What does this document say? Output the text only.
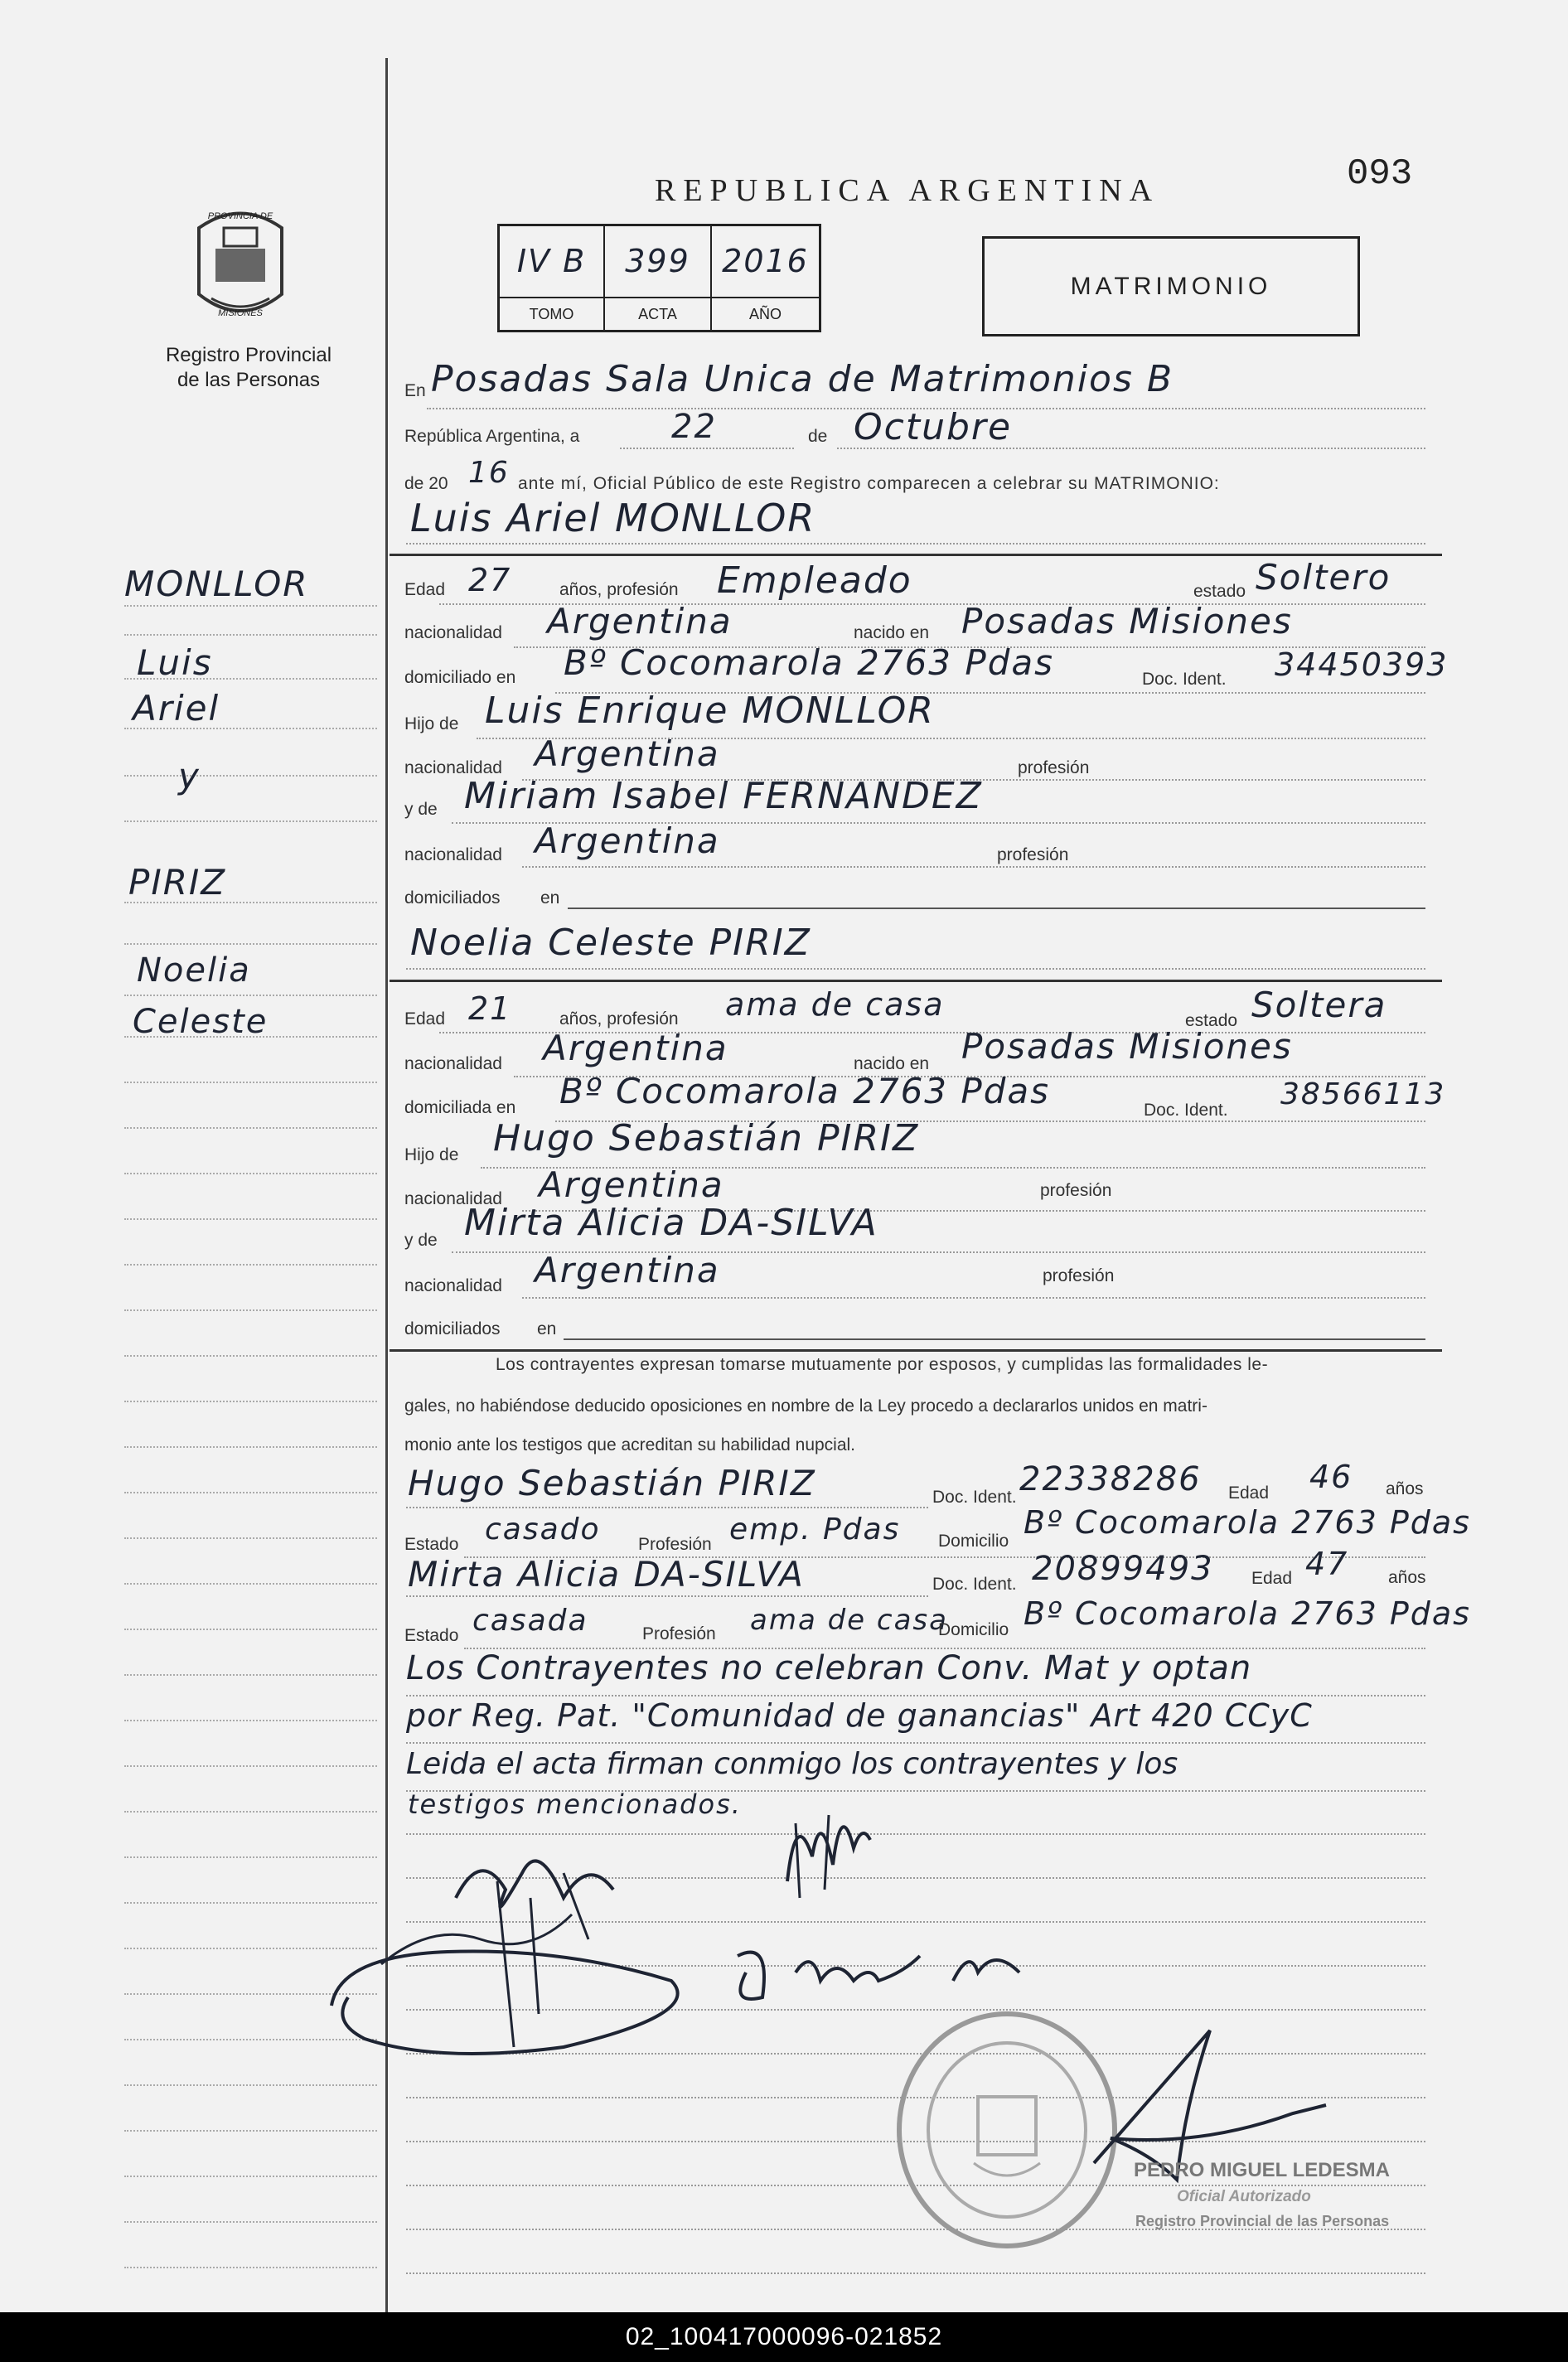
PROVINCIA DE
MISIONES
Registro Provincial
de las Personas
REPUBLICA ARGENTINA	093
IV B	399	2016
TOMO	ACTA	AÑO
MATRIMONIO
En Posadas Sala Unica de Matrimonios B
República Argentina, a	22	de Octubre
de 20 16 ante mí, Oficial Público de este Registro comparecen a celebrar su MATRIMONIO:
Luis Ariel MONLLOR
MONLLOR
Luis
Ariel
y
PIRIZ
Noelia
Celeste
Edad 27	años, profesión Empleado	estado Soltero
nacionalidad Argentina	nacido en Posadas Misiones
domiciliado en Bº Cocomarola 2763 Pdas	Doc. Ident. 34450393
Hijo de Luis Enrique MONLLOR
nacionalidad Argentina	profesión
y de Miriam Isabel FERNANDEZ
nacionalidad Argentina	profesión
domiciliados en
Noelia Celeste PIRIZ
Edad 21	años, profesión ama de casa	estado Soltera
nacionalidad Argentina	nacido en Posadas Misiones
domiciliada en Bº Cocomarola 2763 Pdas	Doc. Ident. 38566113
Hijo de Hugo Sebastián PIRIZ
nacionalidad Argentina	profesión
y de Mirta Alicia DA-SILVA
nacionalidad Argentina	profesión
domiciliados en
Los contrayentes expresan tomarse mutuamente por esposos, y cumplidas las formalidades le-
gales, no habiéndose deducido oposiciones en nombre de la Ley procedo a declararlos unidos en matri-
monio ante los testigos que acreditan su habilidad nupcial.
Hugo Sebastián PIRIZ	Doc. Ident. 22338286 Edad 46 años
Estado casado Profesión emp. Pdas Domicilio
Bº Cocomarola 2763 Pdas
Mirta Alicia DA-SILVA	Doc. Ident. 20899493 Edad 47 años
Estado casada	Profesión ama de casa
Domicilio Bº Cocomarola 2763 Pdas
Los Contrayentes no celebran Conv. Mat y optan
por Reg. Pat. "Comunidad de ganancias" Art 420 CCyC
Leida el acta firman conmigo los contrayentes y los
testigos mencionados.
PEDRO MIGUEL LEDESMA
Oficial Autorizado
Registro Provincial de las Personas
02_100417000096-021852
